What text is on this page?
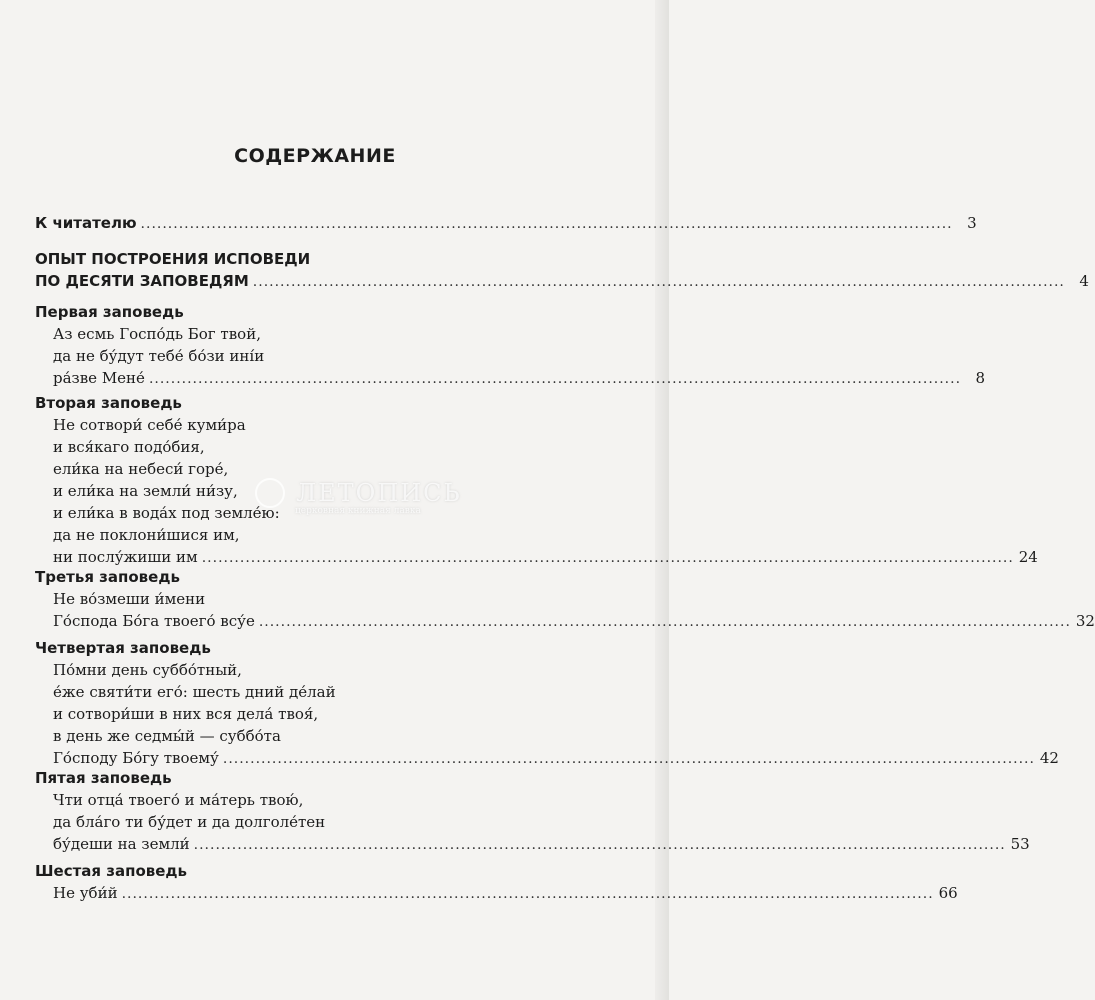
СОДЕРЖАНИЕ
К читателю ..................................................................................................................................................... 3
ОПЫТ ПОСТРОЕНИЯ ИСПОВЕДИ
ПО ДЕСЯТИ ЗАПОВЕДЯМ ..................................................................................................................................................... 4
Первая заповедь
Аз есмь Госпо́дь Бог твой,
да не бу́дут тебе́ бо́зи ині́и
ра́зве Мене́ ..................................................................................................................................................... 8
Вторая заповедь
Не сотвори́ себе́ куми́ра
и вся́каго подо́бия,
ели́ка на небеси́ горе́,
и ели́ка на земли́ ни́зу,
и ели́ка в вода́х под земле́ю:
да не поклони́шися им,
ни послу́жиши им ..................................................................................................................................................... 24
Третья заповедь
Не во́змеши и́мени
Го́спода Бо́га твоего́ всу́е ..................................................................................................................................................... 32
Четвертая заповедь
По́мни день суббо́тный,
е́же святи́ти его́: шесть дний де́лай
и сотвори́ши в них вся дела́ твоя́,
в день же седмы́й — суббо́та
Го́споду Бо́гу твоему́ ..................................................................................................................................................... 42
Пятая заповедь
Чти отца́ твоего́ и ма́терь твою́,
да бла́го ти бу́дет и да долголе́тен
бу́деши на земли́ ..................................................................................................................................................... 53
Шестая заповедь
Не уби́й ..................................................................................................................................................... 66
ЛЕТОПИСЬ
церковная книжная лавка
